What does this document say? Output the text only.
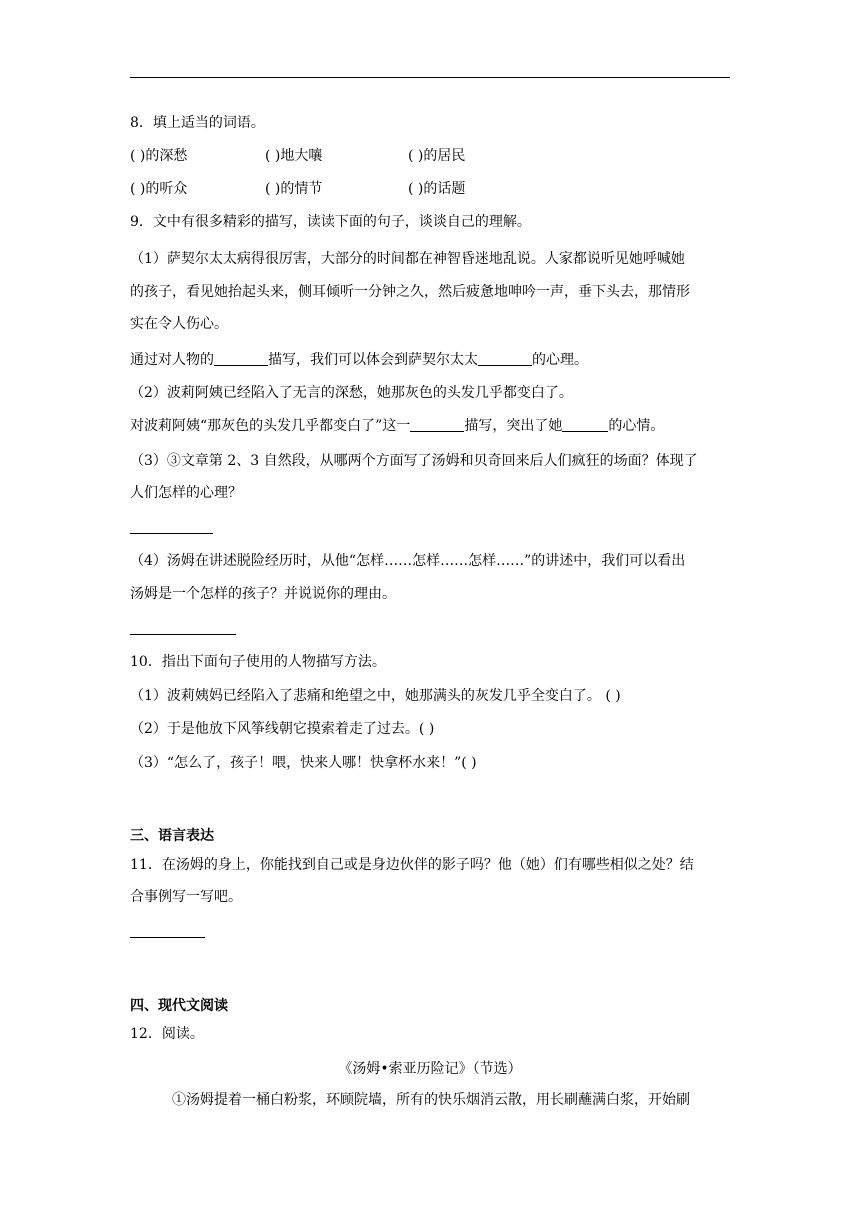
8．填上适当的词语。
( )的深愁	( )地大嚷	( )的居民
( )的听众	( )的情节	( )的话题
9．文中有很多精彩的描写，读读下面的句子，谈谈自己的理解。
（1）萨契尔太太病得很厉害，大部分的时间都在神智昏迷地乱说。人家都说听见她呼喊她
的孩子，看见她抬起头来，侧耳倾听一分钟之久，然后疲惫地呻吟一声，垂下头去，那情形
实在令人伤心。
通过对人物的	描写，我们可以体会到萨契尔太太	的心理。
（2）波莉阿姨已经陷入了无言的深愁，她那灰色的头发几乎都变白了。
对波莉阿姨“那灰色的头发几乎都变白了”这一	描写，突出了她	的心情。
（3）③文章第 2、3 自然段，从哪两个方面写了汤姆和贝奇回来后人们疯狂的场面？体现了
人们怎样的心理？
（4）汤姆在讲述脱险经历时，从他“怎样……怎样……怎样……”的讲述中，我们可以看出
汤姆是一个怎样的孩子？并说说你的理由。
10．指出下面句子使用的人物描写方法。
（1）波莉姨妈已经陷入了悲痛和绝望之中，她那满头的灰发几乎全变白了。 ( )
（2）于是他放下风筝线朝它摸索着走了过去。( )
（3）“怎么了，孩子！喂，快来人哪！快拿杯水来！”( )
三、语言表达
11．在汤姆的身上，你能找到自己或是身边伙伴的影子吗？他（她）们有哪些相似之处？结
合事例写一写吧。
四、现代文阅读
12．阅读。
《汤姆•索亚历险记》（节选）
①汤姆提着一桶白粉浆，环顾院墙，所有的快乐烟消云散，用长刷蘸满白浆，开始刷
